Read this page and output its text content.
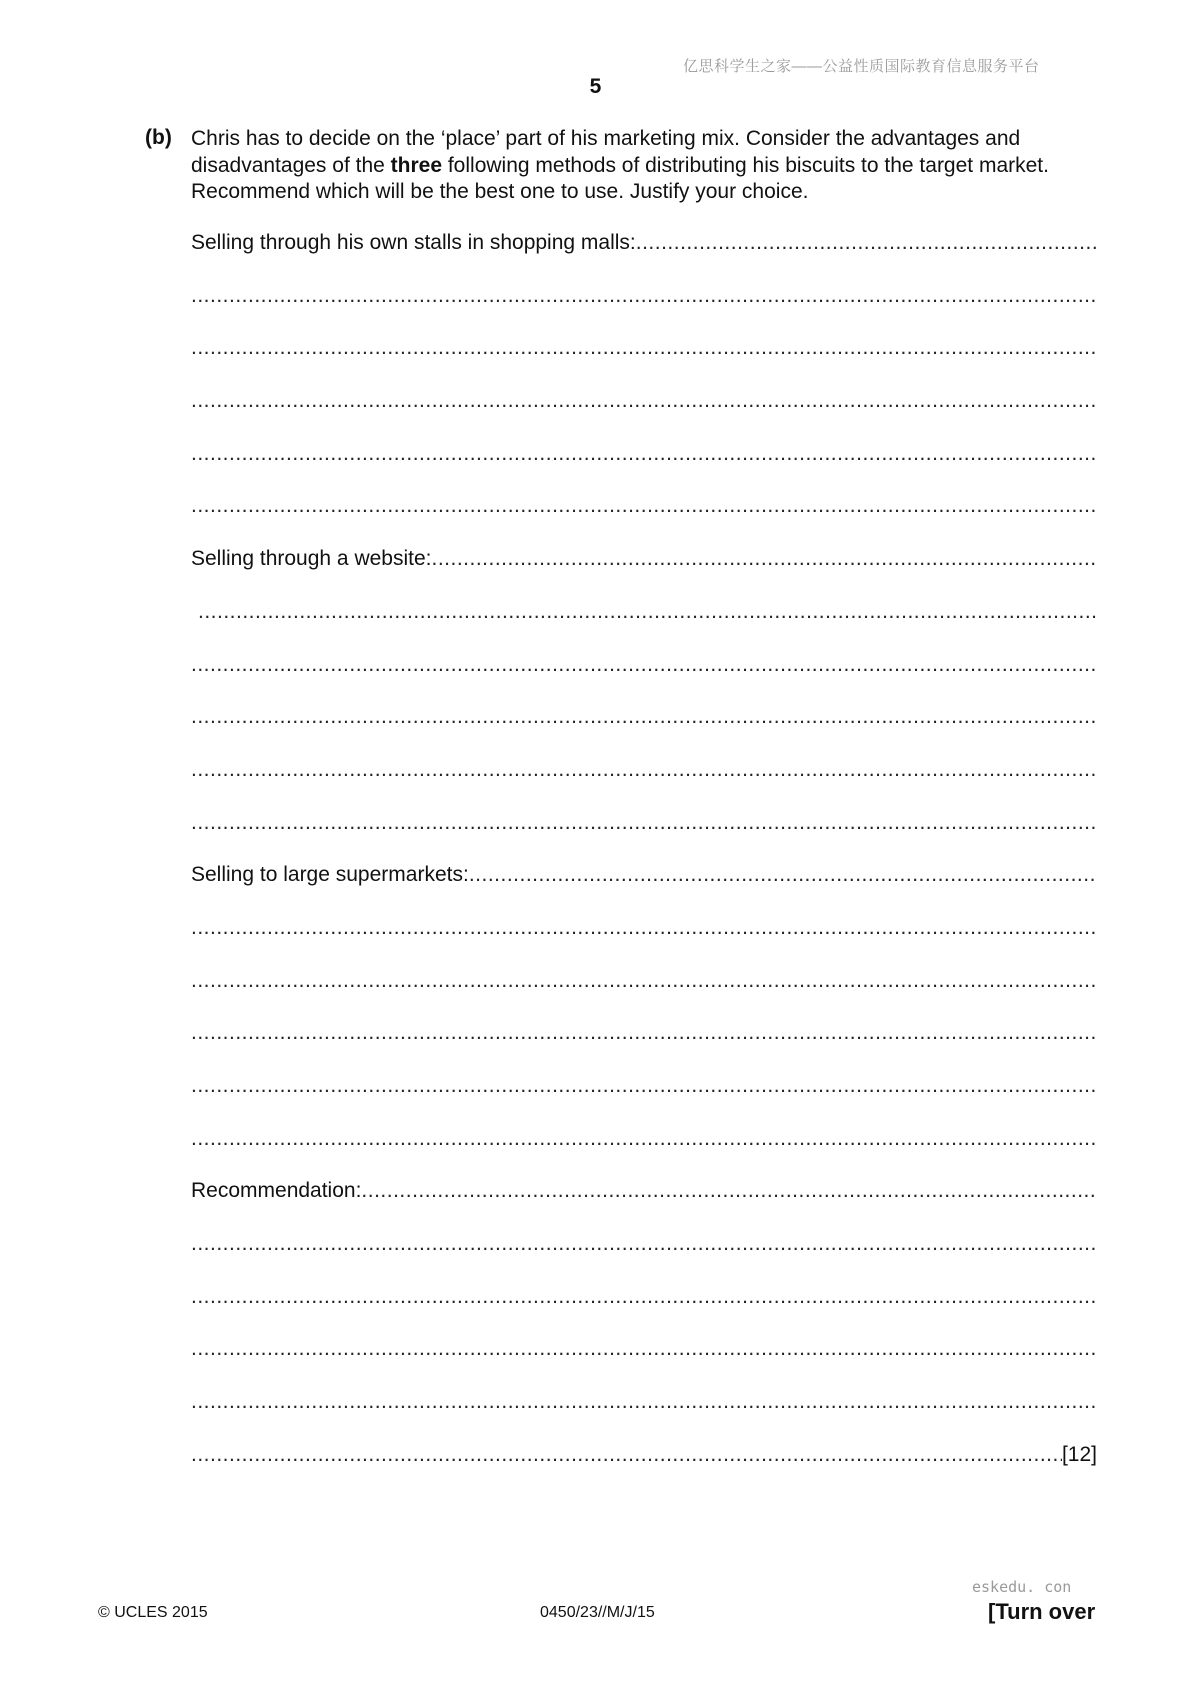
亿思科学生之家——公益性质国际教育信息服务平台
5
(b) Chris has to decide on the ‘place’ part of his marketing mix. Consider the advantages and
disadvantages of the three following methods of distributing his biscuits to the target market.
Recommend which will be the best one to use. Justify your choice.
Selling through his own stalls in shopping malls:
.....
.....
.....
.....
.....
.....
Selling through a website:
.....
.....
.....
.....
.....
.....
Selling to large supermarkets:
.....
.....
.....
.....
.....
.....
Recommendation:
.....
.....
.....
.....
.....
.....
[12]
© UCLES 2015	0450/23//M/J/15
eskedu. con
[Turn over
